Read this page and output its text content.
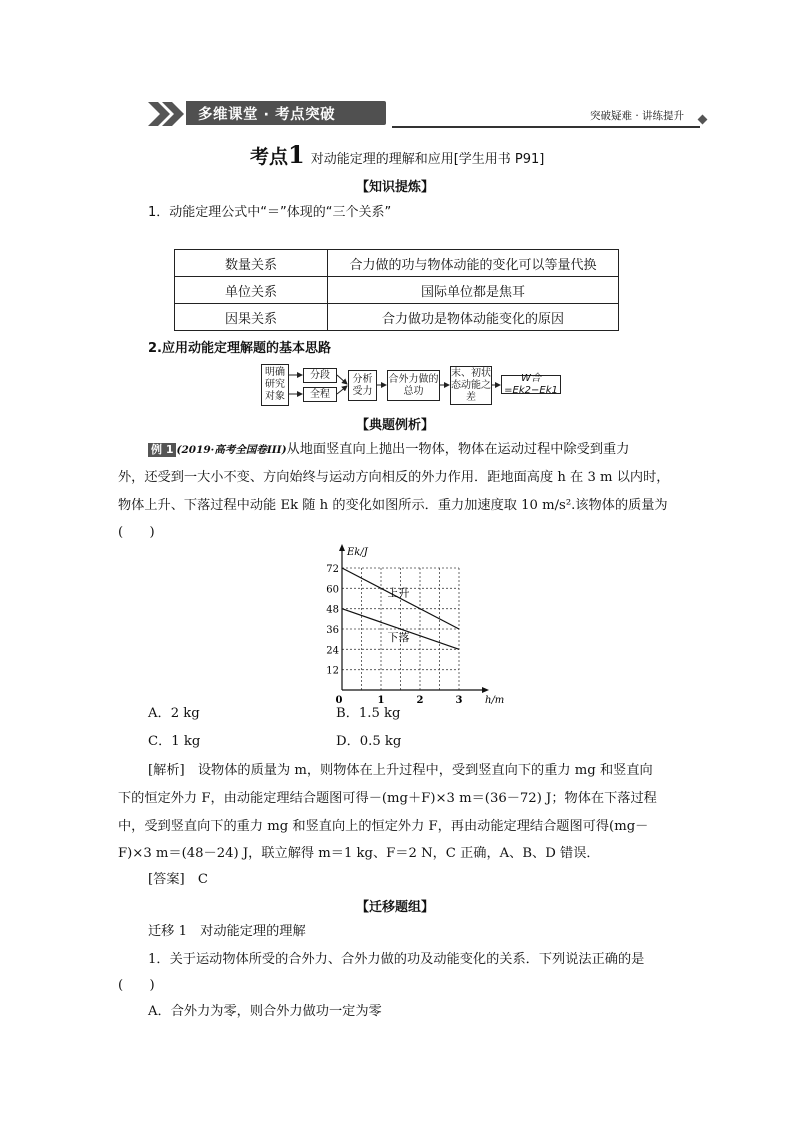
多维课堂 · 考点突破	突破疑难 · 讲练提升
考点1 对动能定理的理解和应用[学生用书 P91]
【知识提炼】
1．动能定理公式中“＝”体现的“三个关系”
数量关系	合力做的功与物体动能的变化可以等量代换
单位关系	国际单位都是焦耳
因果关系	合力做功是物体动能变化的原因
2.应用动能定理解题的基本思路
明确研究对象
分段
全程
分析受力
合外力做的总功
末、初状态动能之差
W合=Ek2−Ek1
【典题例析】
例 1 (2019·高考全国卷III)从地面竖直向上抛出一物体，物体在运动过程中除受到重力
外，还受到一大小不变、方向始终与运动方向相反的外力作用．距地面高度 h 在 3 m 以内时，
物体上升、下落过程中动能 Ek 随 h 的变化如图所示．重力加速度取 10 m/s².该物体的质量为
(　　)
12
24
36
48
60
72
0	1	2	3
Ek/J
h/m
上升
下落
A．2 kg	B．1.5 kg
C．1 kg	D．0.5 kg
[解析]　设物体的质量为 m，则物体在上升过程中，受到竖直向下的重力 mg 和竖直向
下的恒定外力 F，由动能定理结合题图可得－(mg＋F)×3 m＝(36－72) J；物体在下落过程
中，受到竖直向下的重力 mg 和竖直向上的恒定外力 F，再由动能定理结合题图可得(mg－
F)×3 m＝(48－24) J，联立解得 m＝1 kg、F＝2 N，C 正确，A、B、D 错误．
[答案]　C
【迁移题组】
迁移 1　对动能定理的理解
1．关于运动物体所受的合外力、合外力做的功及动能变化的关系．下列说法正确的是
(　　)
A．合外力为零，则合外力做功一定为零
